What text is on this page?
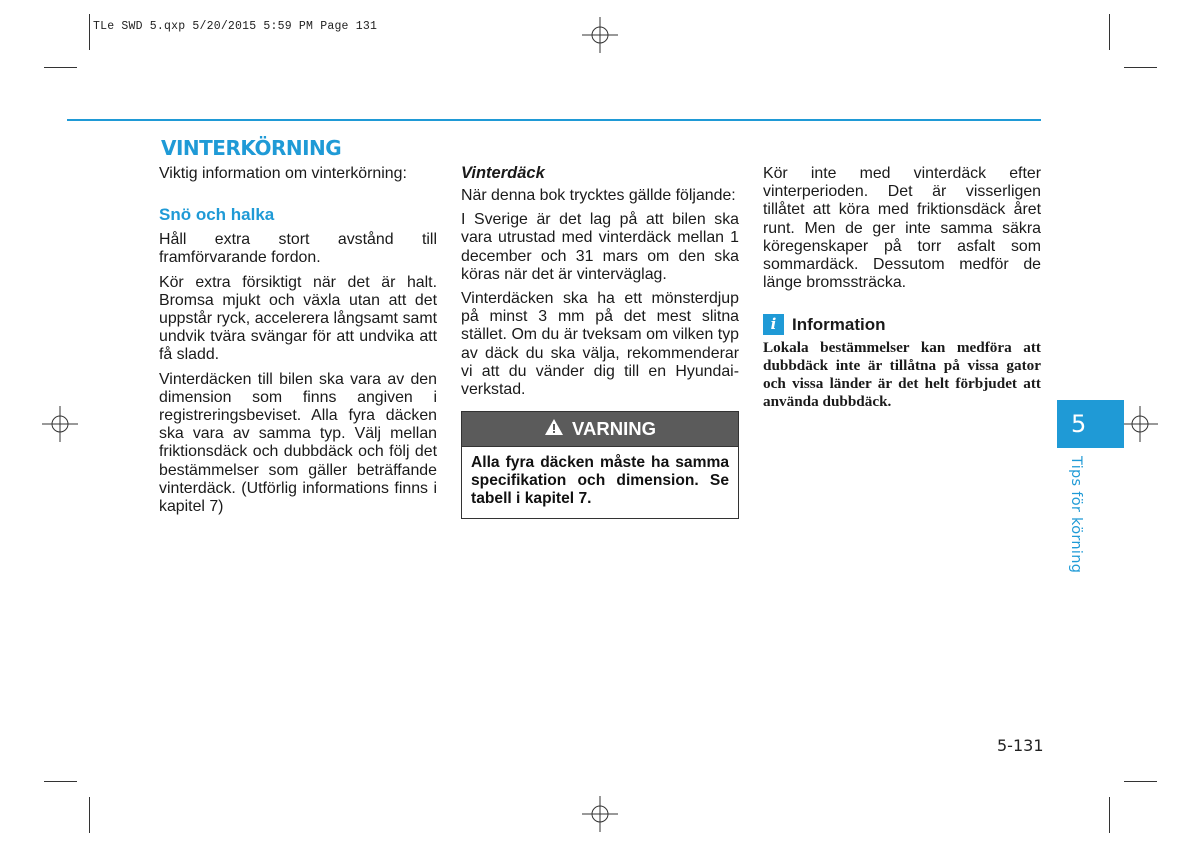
TLe SWD 5.qxp 5/20/2015 5:59 PM Page 131
VINTERKÖRNING

Viktig information om vinterkörning:

Snö och halka

Håll extra stort avstånd till framförvarande fordon.

Kör extra försiktigt när det är halt. Bromsa mjukt och växla utan att det uppstår ryck, accelerera långsamt samt undvik tvära svängar för att undvika att få sladd.

Vinterdäcken till bilen ska vara av den dimension som finns angiven i registreringsbeviset. Alla fyra däcken ska vara av samma typ. Välj mellan friktionsdäck och dubbdäck och följ det bestämmelser som gäller beträffande vinterdäck. (Utförlig informations finns i kapitel 7)

Vinterdäck

När denna bok trycktes gällde följande:

I Sverige är det lag på att bilen ska vara utrustad med vinterdäck mellan 1 december och 31 mars om den ska köras när det är vinterväglag.

Vinterdäcken ska ha ett mönsterdjup på minst 3 mm på det mest slitna stället. Om du är tveksam om vilken typ av däck du ska välja, rekommenderar vi att du vänder dig till en Hyundai-verkstad.

VARNING
Alla fyra däcken måste ha samma specifikation och dimension. Se tabell i kapitel 7.

Kör inte med vinterdäck efter vinterperioden. Det är visserligen tillåtet att köra med friktionsdäck året runt. Men de ger inte samma säkra köregenskaper på torr asfalt som sommardäck. Dessutom medför de länge bromssträcka.

i Information

Lokala bestämmelser kan medföra att dubbdäck inte är tillåtna på vissa gator och vissa länder är det helt förbjudet att använda dubbdäck.

5
Tips för körning
5-131
